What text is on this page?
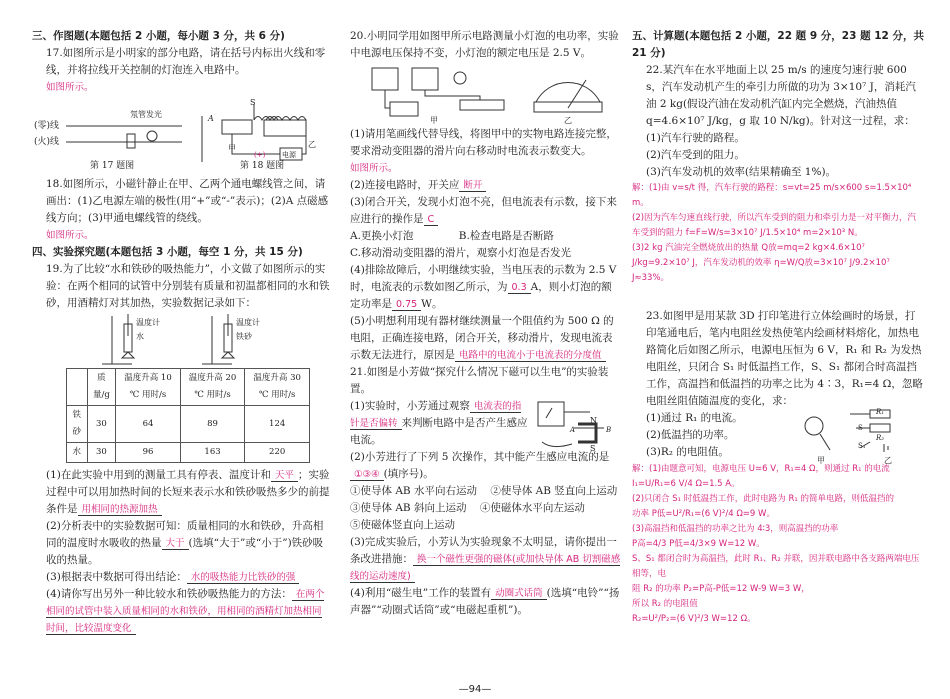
三、作图题(本题包括 2 小题，每小题 3 分，共 6 分)

17.如图所示是小明家的部分电路，请在括号内标出火线和零线，并将拉线开关控制的灯泡连入电路中。

如图所示。

(零)线
(火)线
氖管发光
第 17 题图
S
A
甲	乙
电源
(+)
第 18 题图

18.如图所示，小磁针静止在甲、乙两个通电螺线管之间，请画出：(1)乙电源左端的极性(用“+”或“-”表示)；(2)A 点磁感线方向；(3)甲通电螺线管的绕线。

如图所示。

四、实验探究题(本题包括 3 小题，每空 1 分，共 15 分)

19.为了比较“水和铁砂的吸热能力”，小文做了如图所示的实验：在两个相同的试管中分别装有质量和初温都相同的水和铁砂，用酒精灯对其加热，实验数据记录如下：

温度计
水
温度计
铁砂
	质量/g	温度升高 10 ℃ 用时/s	温度升高 20 ℃ 用时/s	温度升高 30 ℃ 用时/s
铁砂	30	64	89	124
水	30	96	163	220

(1)在此实验中用到的测量工具有停表、温度计和 天平 ；实验过程中可以用加热时间的长短来表示水和铁砂吸热多少的前提条件是 用相同的热源加热

(2)分析表中的实验数据可知：质量相同的水和铁砂，升高相同的温度时水吸收的热量 大于 (选填“大于”或“小于”)铁砂吸收的热量。

(3)根据表中数据可得出结论： 水的吸热能力比铁砂的强

(4)请你写出另外一种比较水和铁砂吸热能力的方法： 在两个相同的试管中装入质量相同的水和铁砂，用相同的酒精灯加热相同时间，比较温度变化

20.小明同学用如图甲所示电路测量小灯泡的电功率，实验中电源电压保持不变，小灯泡的额定电压是 2.5 V。

甲	乙

(1)请用笔画线代替导线，将图甲中的实物电路连接完整，要求滑动变阻器的滑片向右移动时电流表示数变大。

如图所示。

(2)连接电路时，开关应 断开

(3)闭合开关，发现小灯泡不亮，但电流表有示数，接下来应进行的操作是 C

A.更换小灯泡	B.检查电路是否断路

C.移动滑动变阻器的滑片，观察小灯泡是否发光

(4)排除故障后，小明继续实验，当电压表的示数为 2.5 V 时，电流表的示数如图乙所示，为 0.3 A，则小灯泡的额定功率是 0.75 W。

(5)小明想利用现有器材继续测量一个阻值约为 500 Ω 的电阻，正确连接电路，闭合开关，移动滑片，发现电流表示数无法进行，原因是 电路中的电流小于电流表的分度值

21.如图是小芳做“探究什么情况下磁可以生电”的实验装置。

(1)实验时，小芳通过观察 电流表的指针是否偏转 来判断电路中是否产生感应电流。

N
S
A	B

(2)小芳进行了下列 5 次操作，其中能产生感应电流的是①③④ (填序号)。

①使导体 AB 水平向右运动 ②使导体 AB 竖直向上运动

③使导体 AB 斜向上运动 ④使磁体水平向左运动

⑤使磁体竖直向上运动

(3)完成实验后，小芳认为实验现象不太明显，请你提出一条改进措施： 换一个磁性更强的磁体(或加快导体 AB 切割磁感线的运动速度)

(4)利用“磁生电”工作的装置有 动圈式话筒 (选填“电铃”“扬声器”“动圈式话筒”或“电磁起重机”)。

五、计算题(本题包括 2 小题，22 题 9 分，23 题 12 分，共 21 分)

22.某汽车在水平地面上以 25 m/s 的速度匀速行驶 600 s，汽车发动机产生的牵引力所做的功为 3×10⁷ J，消耗汽油 2 kg(假设汽油在发动机汽缸内完全燃烧，汽油热值 q=4.6×10⁷ J/kg，g 取 10 N/kg)。针对这一过程，求：

(1)汽车行驶的路程。

(2)汽车受到的阻力。

(3)汽车发动机的效率(结果精确至 1%)。

解：(1)由 v=s/t 得，汽车行驶的路程：s=vt=25 m/s×600 s=1.5×10⁴ m。

(2)因为汽车匀速直线行驶，所以汽车受到的阻力和牵引力是一对平衡力，汽车受到的阻力 f=F=W/s=3×10⁷ J/1.5×10⁴ m=2×10³ N。

(3)2 kg 汽油完全燃烧放出的热量 Q放=mq=2 kg×4.6×10⁷ J/kg=9.2×10⁷ J，汽车发动机的效率 η=W/Q放=3×10⁷ J/9.2×10⁷ J≈33%。

23.如图甲是用某款 3D 打印笔进行立体绘画时的场景，打印笔通电后，笔内电阻丝发热使笔内绘画材料熔化，加热电路简化后如图乙所示，电源电压恒为 6 V，R₁ 和 R₂ 为发热电阻丝，只闭合 S₁ 时低温挡工作，S、S₁ 都闭合时高温挡工作，高温挡和低温挡的功率之比为 4∶3，R₁=4 Ω，忽略电阻丝阻值随温度的变化，求：

(1)通过 R₁ 的电流。

(2)低温挡的功率。

(3)R₂ 的电阻值。

甲	乙
R₁
R₂
S
S₁

解：(1)由题意可知，电源电压 U=6 V，R₁=4 Ω，则通过 R₁ 的电流

I₁=U/R₁=6 V/4 Ω=1.5 A。

(2)只闭合 S₁ 时低温挡工作，此时电路为 R₁ 的简单电路，则低温挡的

功率 P低=U²/R₁=(6 V)²/4 Ω=9 W。

(3)高温挡和低温挡的功率之比为 4∶3，则高温挡的功率

P高=4/3 P低=4/3×9 W=12 W。

S、S₁ 都闭合时为高温挡，此时 R₁、R₂ 并联，因并联电路中各支路两端电压相等，电

阻 R₂ 的功率 P₂=P高-P低=12 W-9 W=3 W，

所以 R₂ 的电阻值

R₂=U²/P₂=(6 V)²/3 W=12 Ω。

—94—
